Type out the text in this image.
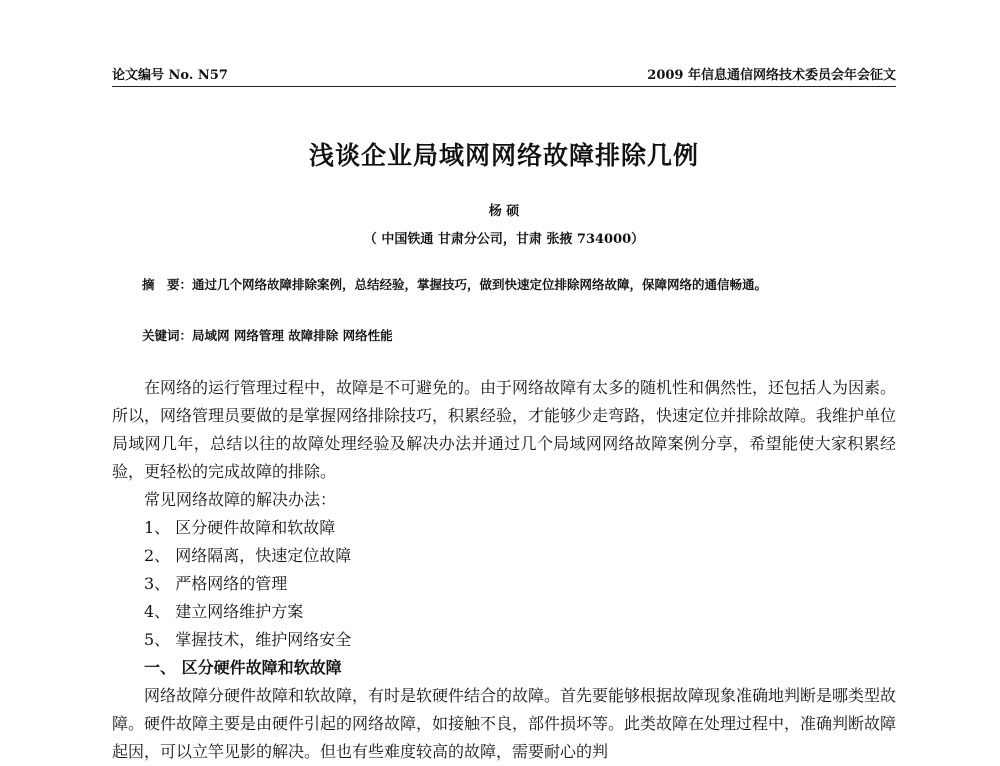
论文编号 No. N57	2009 年信息通信网络技术委员会年会征文
浅谈企业局域网网络故障排除几例
杨 硕
（ 中国铁通 甘肃分公司，甘肃 张掖 734000）
摘　要：通过几个网络故障排除案例，总结经验，掌握技巧，做到快速定位排除网络故障，保障网络的通信畅通。
关键词：局域网 网络管理 故障排除 网络性能

在网络的运行管理过程中，故障是不可避免的。由于网络故障有太多的随机性和偶然性，还包括人为因素。所以，网络管理员要做的是掌握网络排除技巧，积累经验，才能够少走弯路，快速定位并排除故障。我维护单位局域网几年，总结以往的故障处理经验及解决办法并通过几个局域网网络故障案例分享，希望能使大家积累经验，更轻松的完成故障的排除。

常见网络故障的解决办法：

1、 区分硬件故障和软故障

2、 网络隔离，快速定位故障

3、 严格网络的管理

4、 建立网络维护方案

5、 掌握技术，维护网络安全

一、 区分硬件故障和软故障

网络故障分硬件故障和软故障，有时是软硬件结合的故障。首先要能够根据故障现象准确地判断是哪类型故障。硬件故障主要是由硬件引起的网络故障，如接触不良，部件损坏等。此类故障在处理过程中，准确判断故障起因，可以立竿见影的解决。但也有些难度较高的故障，需要耐心的判
